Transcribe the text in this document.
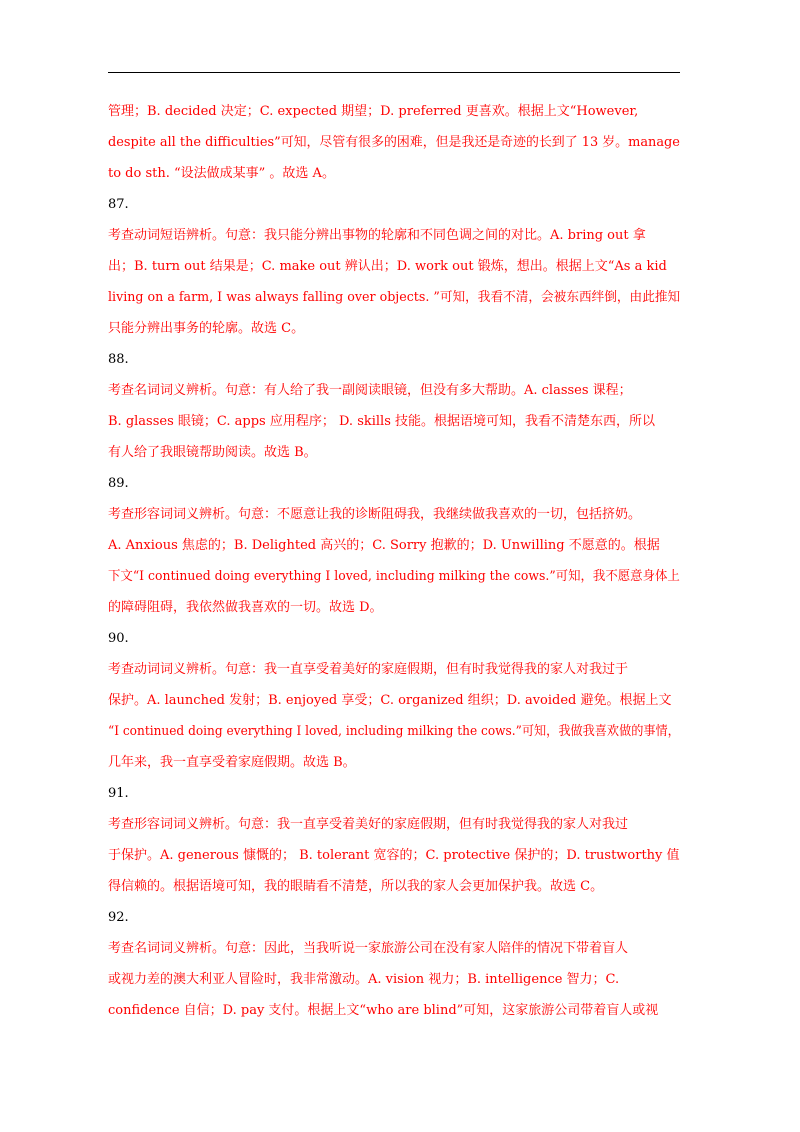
管理；B. decided 决定；C. expected 期望；D. preferred 更喜欢。根据上文“However,
despite all the difficulties”可知，尽管有很多的困难，但是我还是奇迹的长到了 13 岁。manage
to do sth. “设法做成某事” 。故选 A。
87.
考查动词短语辨析。句意：我只能分辨出事物的轮廓和不同色调之间的对比。A. bring out 拿
出；B. turn out 结果是；C. make out 辨认出；D. work out 锻炼，想出。根据上文“As a kid
living on a farm, I was always falling over objects. ”可知，我看不清，会被东西绊倒，由此推知
只能分辨出事务的轮廓。故选 C。
88.
考查名词词义辨析。句意：有人给了我一副阅读眼镜，但没有多大帮助。A. classes 课程；
B. glasses 眼镜；C. apps 应用程序； D. skills 技能。根据语境可知，我看不清楚东西，所以
有人给了我眼镜帮助阅读。故选 B。
89.
考查形容词词义辨析。句意：不愿意让我的诊断阻碍我，我继续做我喜欢的一切，包括挤奶。
A. Anxious 焦虑的；B. Delighted 高兴的；C. Sorry 抱歉的；D. Unwilling 不愿意的。根据
下文“I continued doing everything I loved, including milking the cows.”可知，我不愿意身体上
的障碍阻碍，我依然做我喜欢的一切。故选 D。
90.
考查动词词义辨析。句意：我一直享受着美好的家庭假期，但有时我觉得我的家人对我过于
保护。A. launched 发射；B. enjoyed 享受；C. organized 组织；D. avoided 避免。根据上文
“I continued doing everything I loved, including milking the cows.”可知，我做我喜欢做的事情，
几年来，我一直享受着家庭假期。故选 B。
91.
考查形容词词义辨析。句意：我一直享受着美好的家庭假期，但有时我觉得我的家人对我过
于保护。A. generous 慷慨的； B. tolerant 宽容的；C. protective 保护的；D. trustworthy 值
得信赖的。根据语境可知，我的眼睛看不清楚，所以我的家人会更加保护我。故选 C。
92.
考查名词词义辨析。句意：因此，当我听说一家旅游公司在没有家人陪伴的情况下带着盲人
或视力差的澳大利亚人冒险时，我非常激动。A. vision 视力；B. intelligence 智力；C.
confidence 自信；D. pay 支付。根据上文“who are blind”可知，这家旅游公司带着盲人或视
